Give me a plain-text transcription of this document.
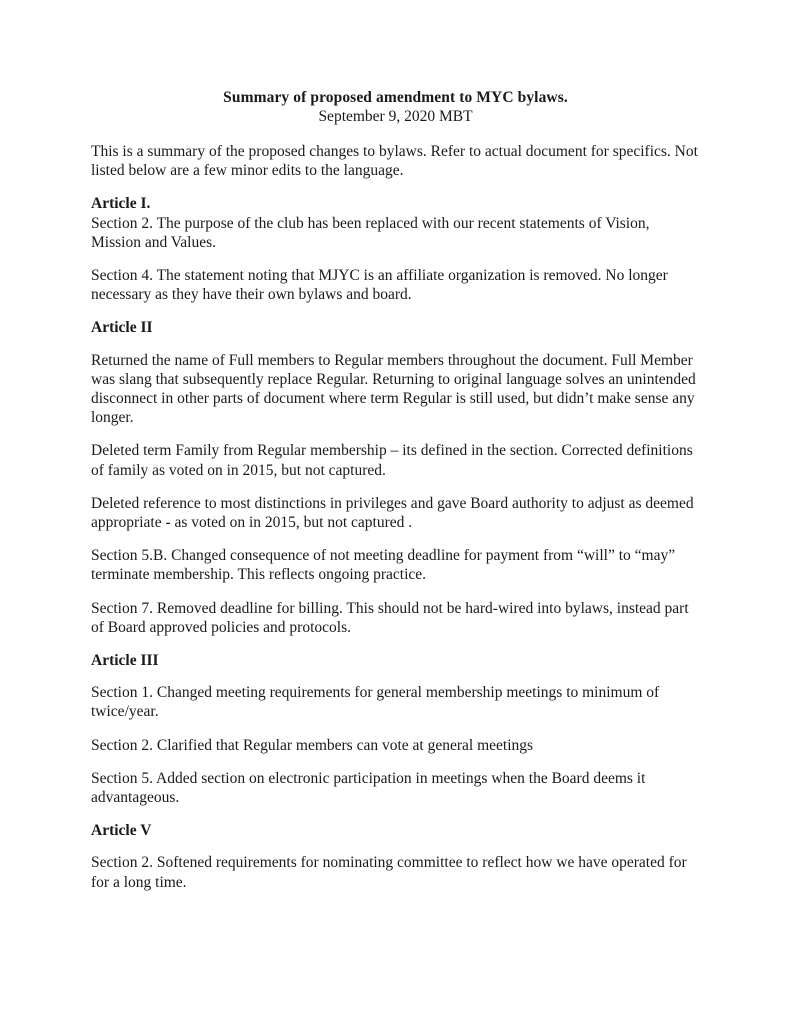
Summary of proposed amendment to MYC bylaws.
September 9, 2020 MBT

This is a summary of the proposed changes to bylaws. Refer to actual document for specifics. Not listed below are a few minor edits to the language.

Article I.

Section 2. The purpose of the club has been replaced with our recent statements of Vision, Mission and Values.

Section 4. The statement noting that MJYC is an affiliate organization is removed. No longer necessary as they have their own bylaws and board.

Article II

Returned the name of Full members to Regular members throughout the document. Full Member was slang that subsequently replace Regular. Returning to original language solves an unintended disconnect in other parts of document where term Regular is still used, but didn’t make sense any longer.

Deleted term Family from Regular membership – its defined in the section. Corrected definitions of family as voted on in 2015, but not captured.

Deleted reference to most distinctions in privileges and gave Board authority to adjust as deemed appropriate - as voted on in 2015, but not captured .

Section 5.B. Changed consequence of not meeting deadline for payment from “will” to “may” terminate membership. This reflects ongoing practice.

Section 7. Removed deadline for billing. This should not be hard-wired into bylaws, instead part of Board approved policies and protocols.

Article III

Section 1. Changed meeting requirements for general membership meetings to minimum of twice/year.

Section 2. Clarified that Regular members can vote at general meetings

Section 5. Added section on electronic participation in meetings when the Board deems it advantageous.

Article V

Section 2. Softened requirements for nominating committee to reflect how we have operated for for a long time.
